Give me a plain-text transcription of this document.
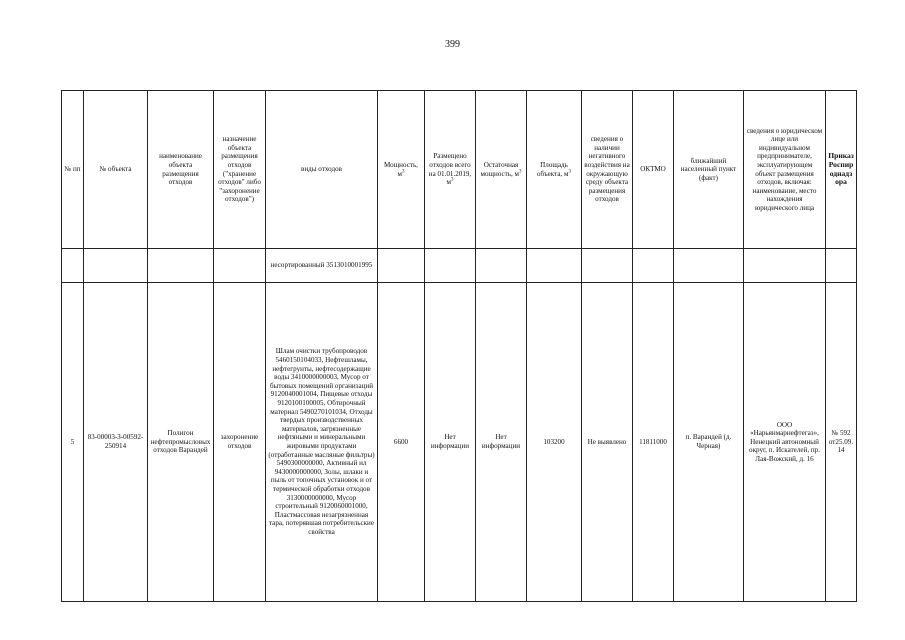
399
№ пп	№ объекта	наименование объекта размещения отходов	назначение объекта размещения отходов ("хранение отходов" либо "захоронение отходов")	виды отходов	Мощность, $м^3$	Размещено отходов всего на 01.01.2019, $м^3$	Остаточная мощность, $м^3$	Площадь объекта, $м^3$	сведения о наличии негативного воздействия на окружающую среду объекта размещения отходов	ОКТМО	ближайший населенный пункт (факт)	сведения о юридическом лице или индивидуальном предпринимателе, эксплуатирующем объект размещения отходов, включая: наименование, место нахождения юридического лица	Приказ Роспироднадзора
				несортированный 3513010001995									
5	83-00003-З-00592-250914	Полигон нефтепромысловых отходов Варандей	захоронение отходов	Шлам очистки трубопроводов 5460150104033, Нефтешламы, нефтегрунты, нефтесодержащие воды 3410000000003, Мусор от бытовых помещений организаций 9120040001004, Пищевые отходы 9120100100005, Обтирочный материал 5490270101034, Отходы твердых производственных материалов, загрязненные нефтяными и минеральными жировыми продуктами (отработанные масляные фильтры) 5490300000000, Активный ил 9430000000000, Золы, шлаки и пыль от топочных установок и от термической обработки отходов 3130000000000, Мусор строительный 9120060001000, Пластмассовая незагрязненная тара, потерявшая потребительские свойства	6600	Нет информации	Нет информации	103200	Не выявлено	11811000	п. Варандей (д. Черная)	ООО «Нарьянмарнефтегаз», Ненецкий автономный округ, п. Искателей, пр. Лая-Вожский, д. 16	№ 592 от25.09.14
